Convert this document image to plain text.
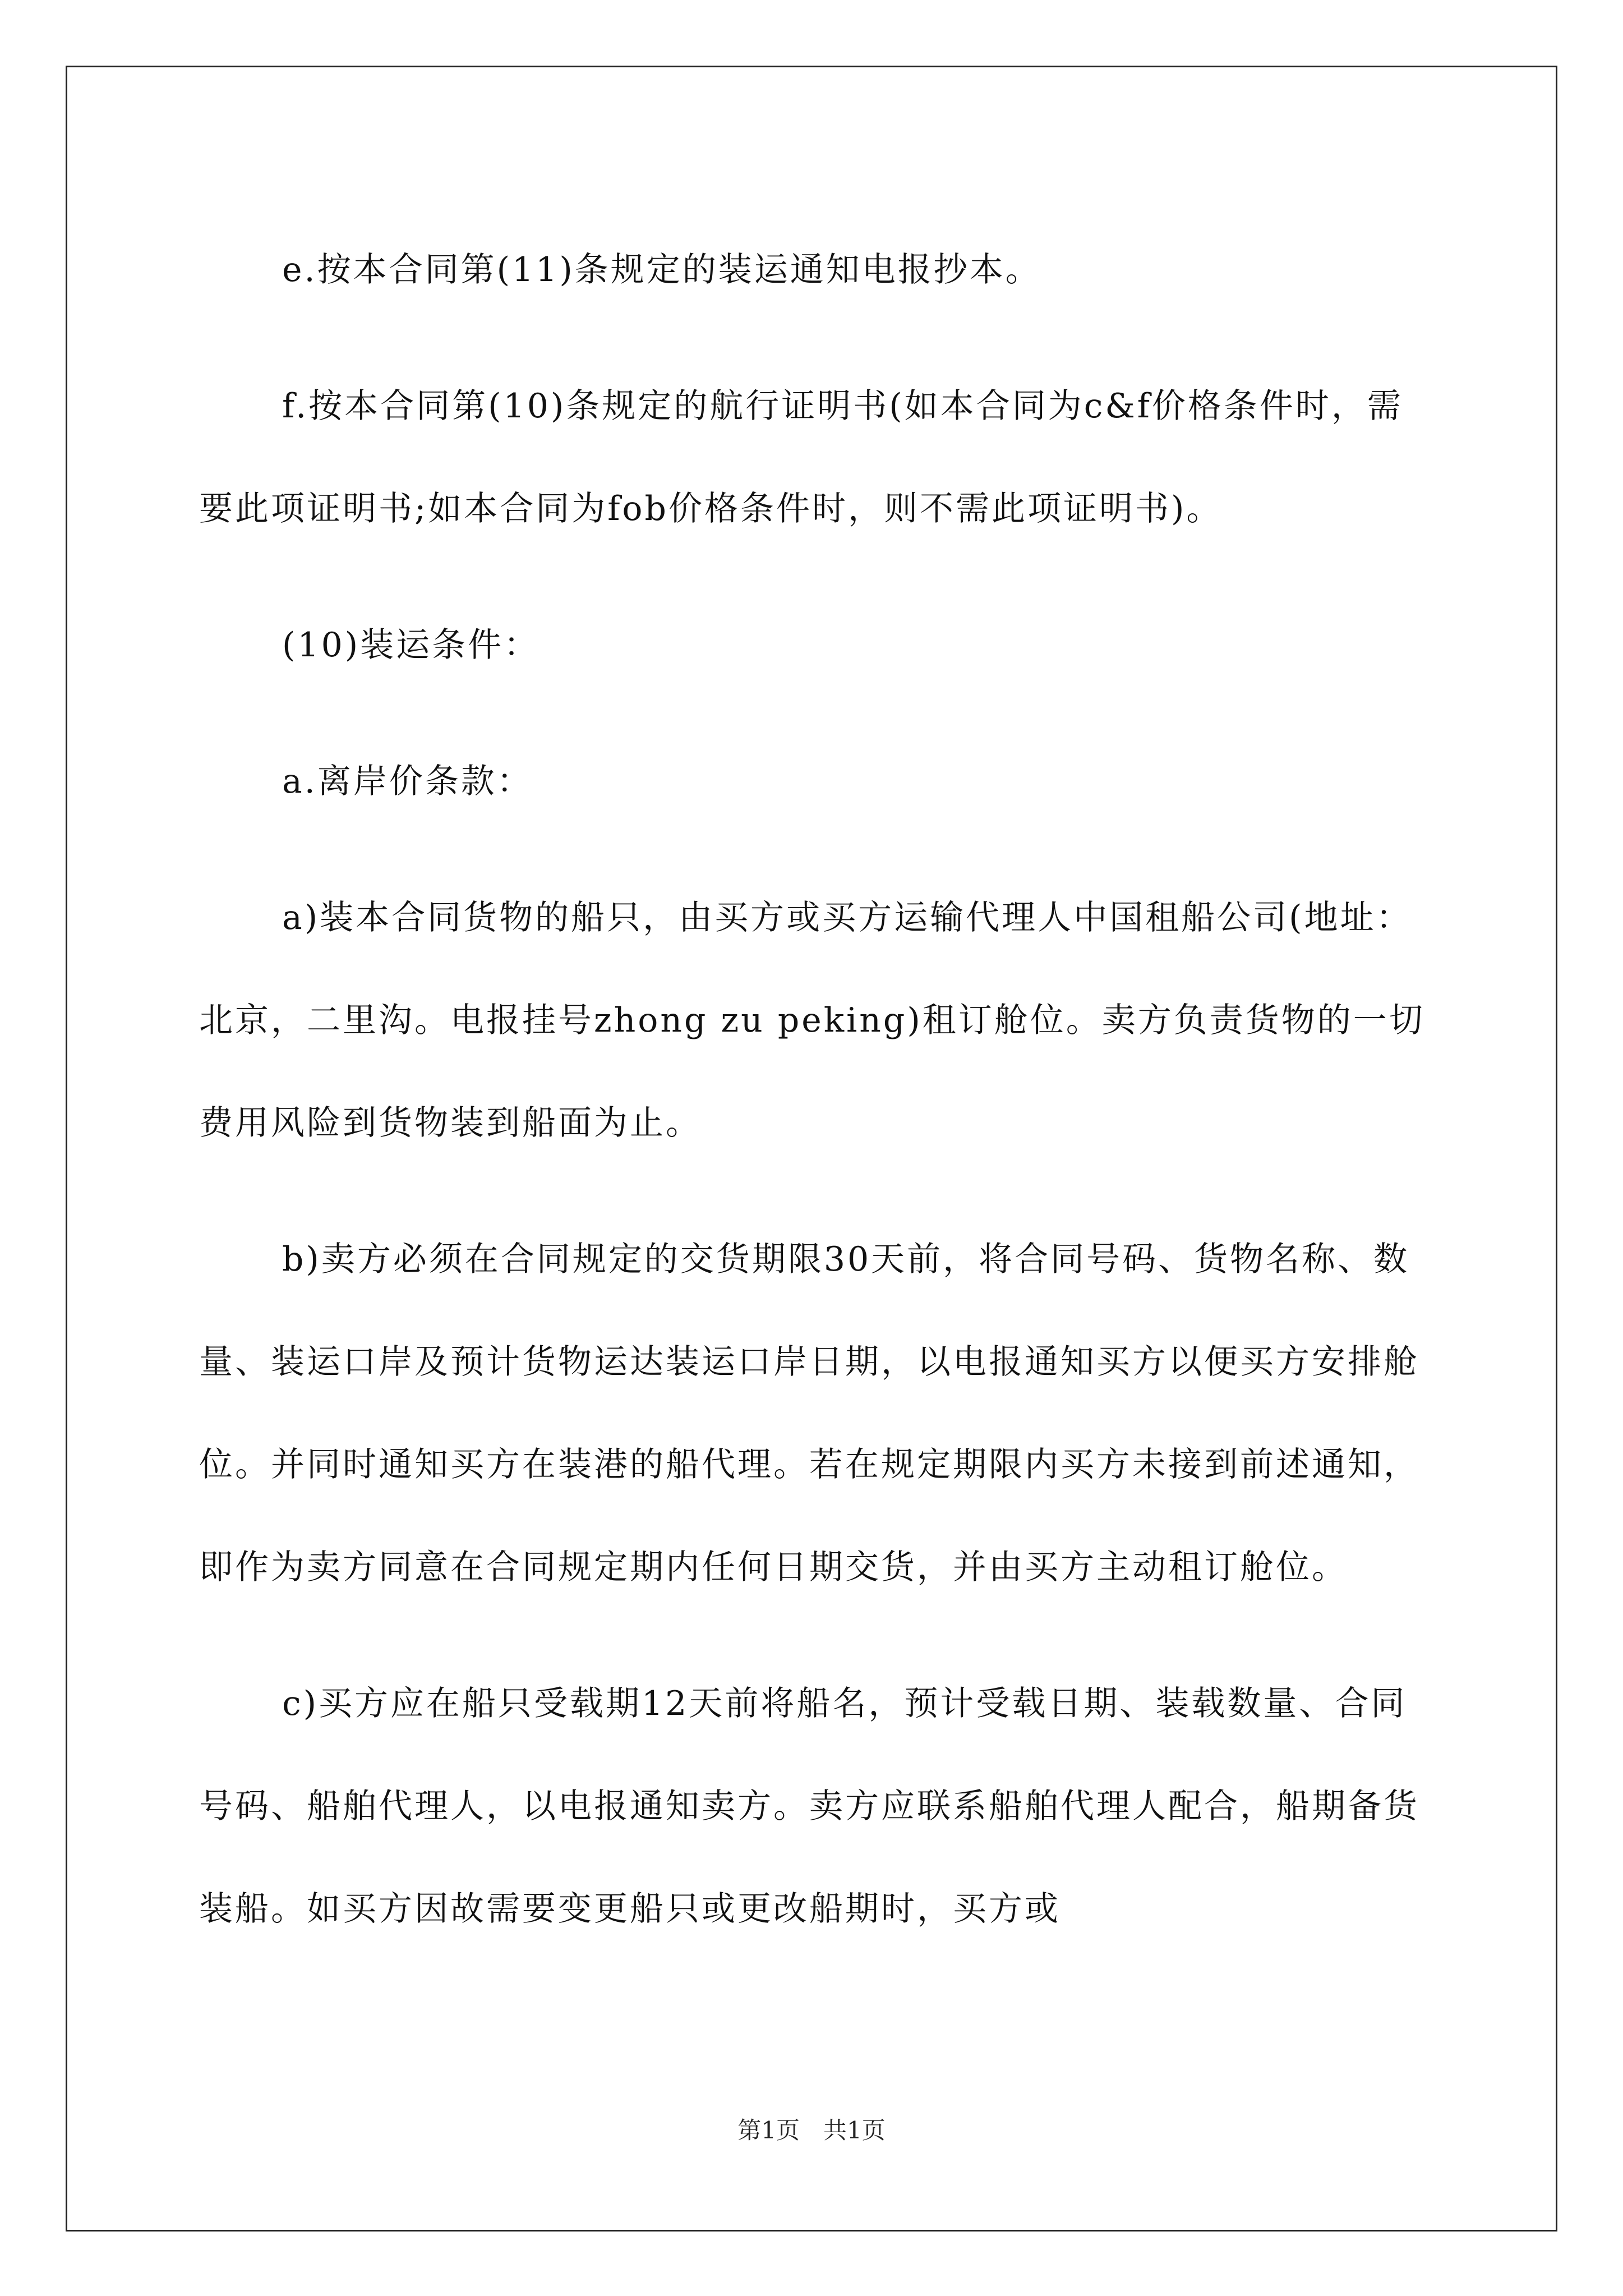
e.按本合同第(11)条规定的装运通知电报抄本。

f.按本合同第(10)条规定的航行证明书(如本合同为c&f价格条件时，需要此项证明书;如本合同为fob价格条件时，则不需此项证明书)。

(10)装运条件：

a.离岸价条款：

a)装本合同货物的船只，由买方或买方运输代理人中国租船公司(地址：北京，二里沟。电报挂号zhong zu peking)租订舱位。卖方负责货物的一切费用风险到货物装到船面为止。

b)卖方必须在合同规定的交货期限30天前，将合同号码、货物名称、数量、装运口岸及预计货物运达装运口岸日期，以电报通知买方以便买方安排舱位。并同时通知买方在装港的船代理。若在规定期限内买方未接到前述通知，即作为卖方同意在合同规定期内任何日期交货，并由买方主动租订舱位。

c)买方应在船只受载期12天前将船名，预计受载日期、装载数量、合同号码、船舶代理人，以电报通知卖方。卖方应联系船舶代理人配合，船期备货装船。如买方因故需要变更船只或更改船期时，买方或

第1页　共1页
